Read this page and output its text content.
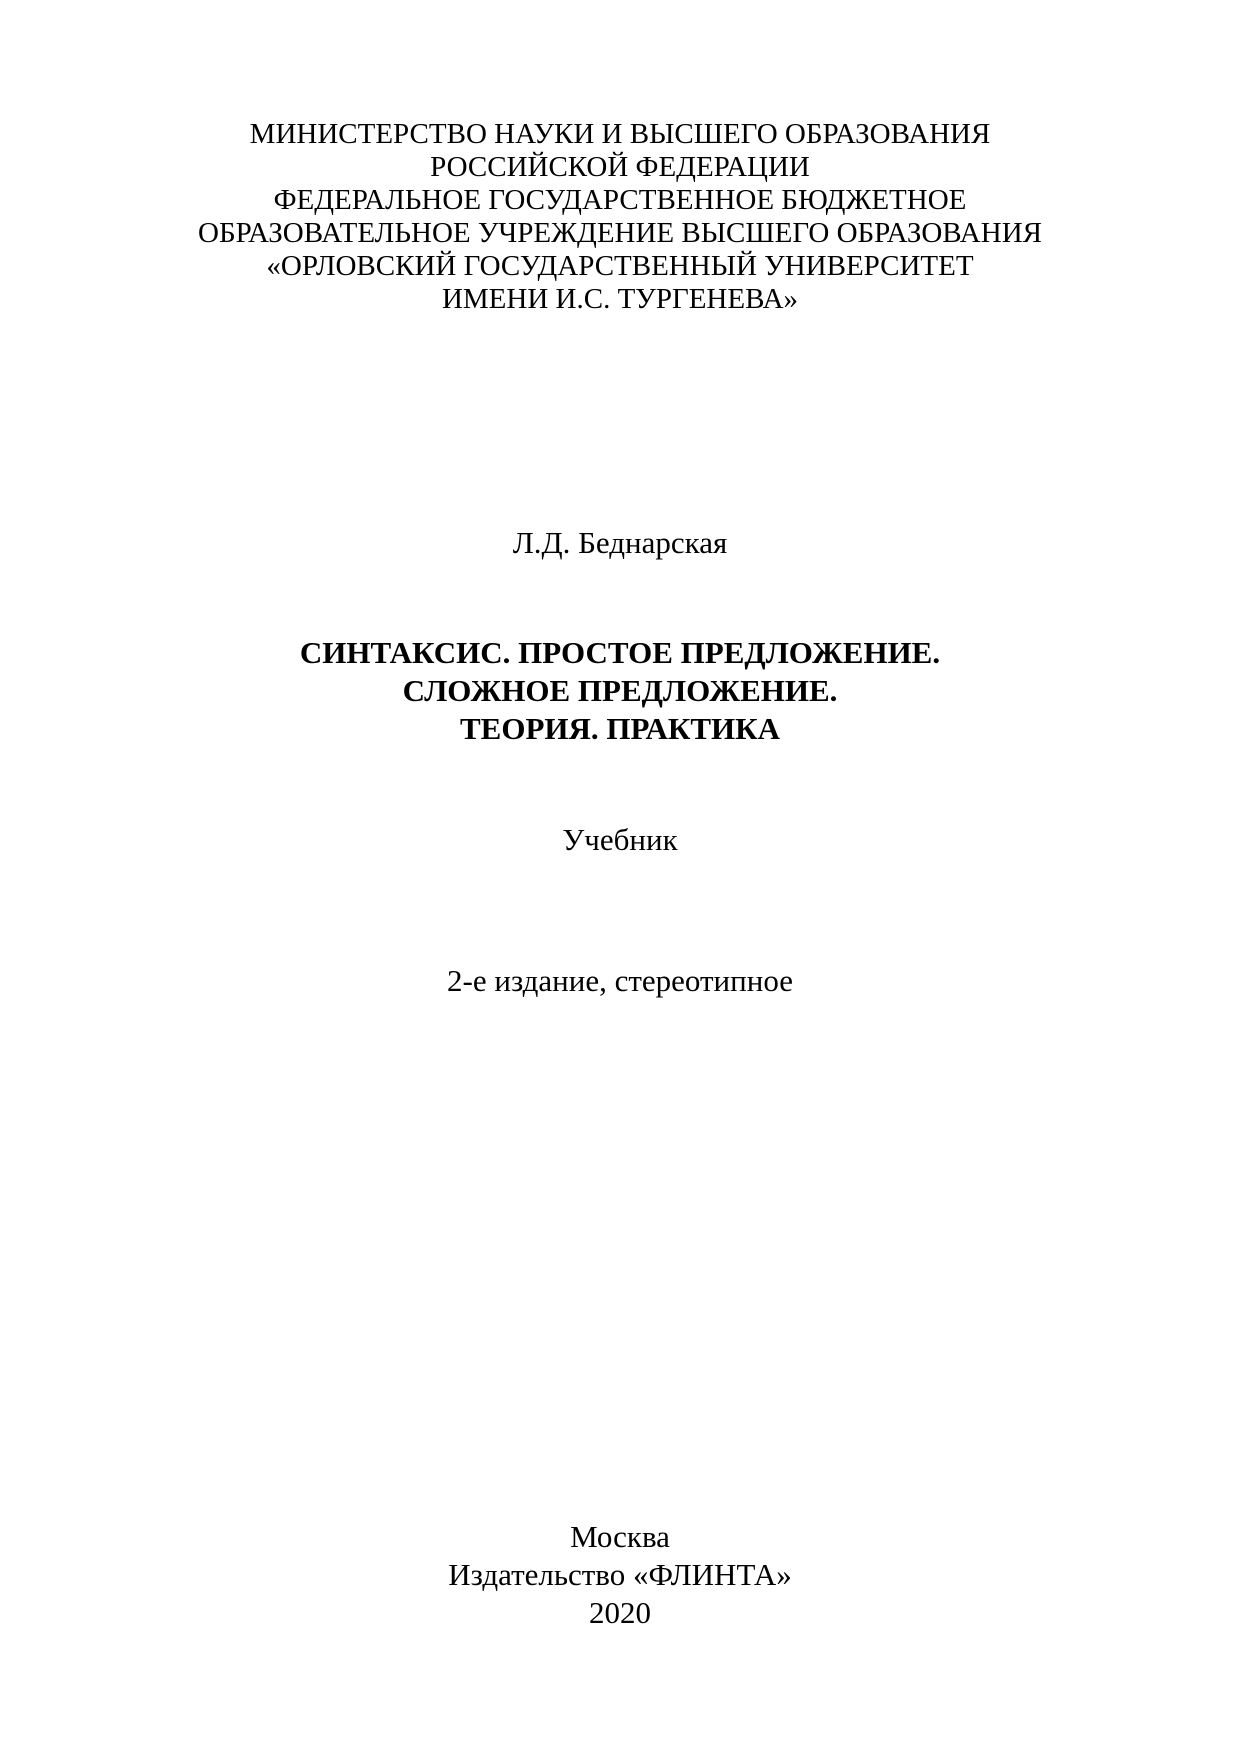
МИНИСТЕРСТВО НАУКИ И ВЫСШЕГО ОБРАЗОВАНИЯ
РОССИЙСКОЙ ФЕДЕРАЦИИ
ФЕДЕРАЛЬНОЕ ГОСУДАРСТВЕННОЕ БЮДЖЕТНОЕ
ОБРАЗОВАТЕЛЬНОЕ УЧРЕЖДЕНИЕ ВЫСШЕГО ОБРАЗОВАНИЯ
«ОРЛОВСКИЙ ГОСУДАРСТВЕННЫЙ УНИВЕРСИТЕТ
ИМЕНИ И.С. ТУРГЕНЕВА»
Л.Д. Беднарская
СИНТАКСИС. ПРОСТОЕ ПРЕДЛОЖЕНИЕ.
СЛОЖНОЕ ПРЕДЛОЖЕНИЕ.
ТЕОРИЯ. ПРАКТИКА
Учебник
2-е издание, стереотипное
Москва
Издательство «ФЛИНТА»
2020
